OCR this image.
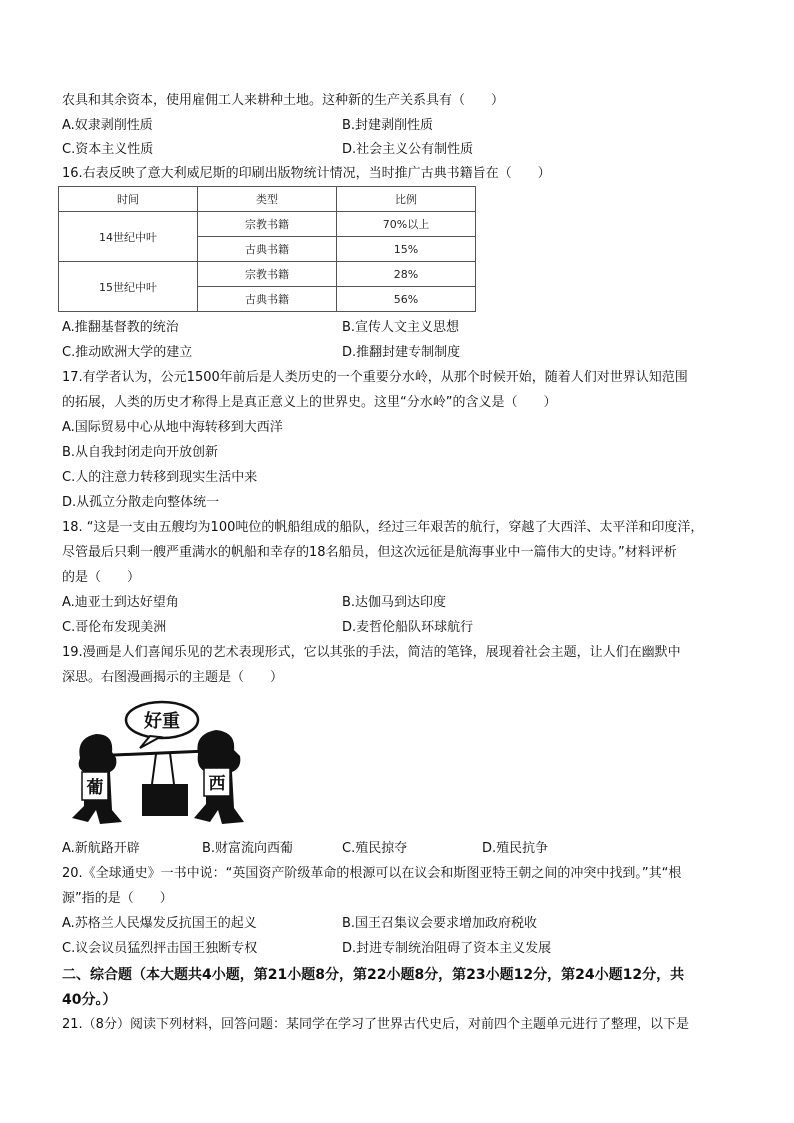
农具和其余资本，使用雇佣工人来耕种土地。这种新的生产关系具有（　　）
A.奴隶剥削性质	B.封建剥削性质
C.资本主义性质	D.社会主义公有制性质
16.右表反映了意大利威尼斯的印刷出版物统计情况，当时推广古典书籍旨在（　　）
时间	类型	比例
14世纪中叶	宗教书籍	70%以上
	古典书籍	15%
15世纪中叶	宗教书籍	28%
	古典书籍	56%
A.推翻基督教的统治	B.宣传人文主义思想
C.推动欧洲大学的建立	D.推翻封建专制制度
17.有学者认为，公元1500年前后是人类历史的一个重要分水岭，从那个时候开始，随着人们对世界认知范围
的拓展，人类的历史才称得上是真正意义上的世界史。这里“分水岭”的含义是（　　）
A.国际贸易中心从地中海转移到大西洋
B.从自我封闭走向开放创新
C.人的注意力转移到现实生活中来
D.从孤立分散走向整体统一
18. “这是一支由五艘均为100吨位的帆船组成的船队，经过三年艰苦的航行，穿越了大西洋、太平洋和印度洋，
尽管最后只剩一艘严重满水的帆船和幸存的18名船员，但这次远征是航海事业中一篇伟大的史诗。”材料评析
的是（　　）
A.迪亚士到达好望角	B.达伽马到达印度
C.哥伦布发现美洲	D.麦哲伦船队环球航行
19.漫画是人们喜闻乐见的艺术表现形式，它以其张的手法，简洁的笔锋，展现着社会主题，让人们在幽默中
深思。右图漫画揭示的主题是（　　）
好重
葡	西
A.新航路开辟	B.财富流向西葡	C.殖民掠夺	D.殖民抗争
20.《全球通史》一书中说：“英国资产阶级革命的根源可以在议会和斯图亚特王朝之间的冲突中找到。”其“根
源”指的是（　　）
A.苏格兰人民爆发反抗国王的起义	B.国王召集议会要求增加政府税收
C.议会议员猛烈抨击国王独断专权	D.封进专制统治阻碍了资本主义发展
二、综合题（本大题共4小题，第21小题8分，第22小题8分，第23小题12分，第24小题12分，共
40分。）
21.（8分）阅读下列材料，回答问题：某同学在学习了世界古代史后，对前四个主题单元进行了整理，以下是
